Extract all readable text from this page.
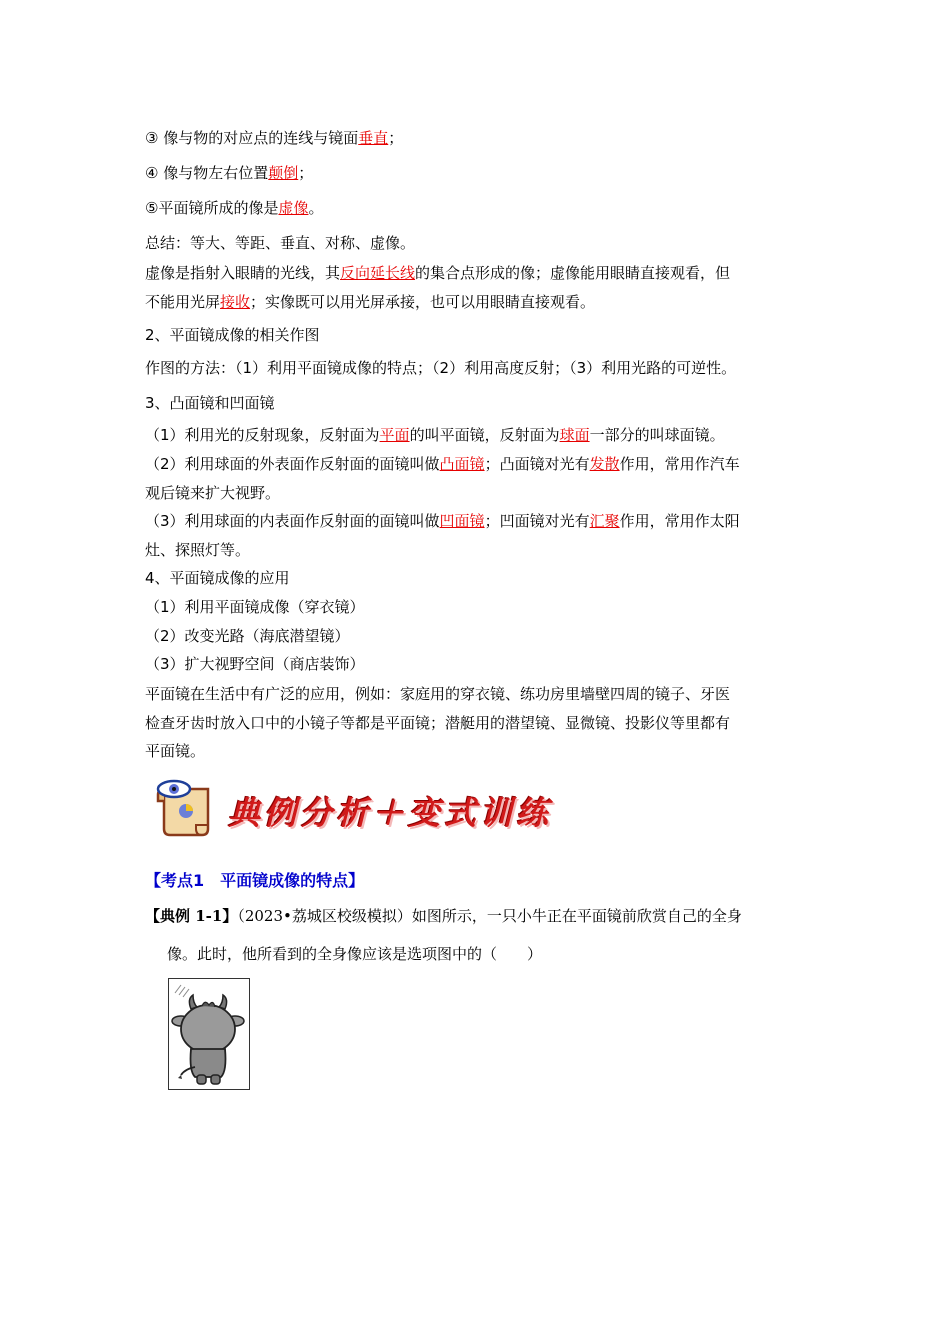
③ 像与物的对应点的连线与镜面垂直；
④ 像与物左右位置颠倒；
⑤平面镜所成的像是虚像。
总结：等大、等距、垂直、对称、虚像。
虚像是指射入眼睛的光线，其反向延长线的集合点形成的像；虚像能用眼睛直接观看，但
不能用光屏接收；实像既可以用光屏承接，也可以用眼睛直接观看。
2、平面镜成像的相关作图
作图的方法：（1）利用平面镜成像的特点；（2）利用高度反射；（3）利用光路的可逆性。
3、凸面镜和凹面镜
（1）利用光的反射现象，反射面为平面的叫平面镜，反射面为球面一部分的叫球面镜。
（2）利用球面的外表面作反射面的面镜叫做凸面镜；凸面镜对光有发散作用，常用作汽车
观后镜来扩大视野。
（3）利用球面的内表面作反射面的面镜叫做凹面镜；凹面镜对光有汇聚作用，常用作太阳
灶、探照灯等。
4、平面镜成像的应用
（1）利用平面镜成像（穿衣镜）
（2）改变光路（海底潜望镜）
（3）扩大视野空间（商店装饰）
平面镜在生活中有广泛的应用，例如：家庭用的穿衣镜、练功房里墙壁四周的镜子、牙医
检查牙齿时放入口中的小镜子等都是平面镜；潜艇用的潜望镜、显微镜、投影仪等里都有
平面镜。
典例分析＋变式训练
【考点1　平面镜成像的特点】
【典例 1-1】（2023•荔城区校级模拟）如图所示，一只小牛正在平面镜前欣赏自己的全身
像。此时，他所看到的全身像应该是选项图中的（　　）
